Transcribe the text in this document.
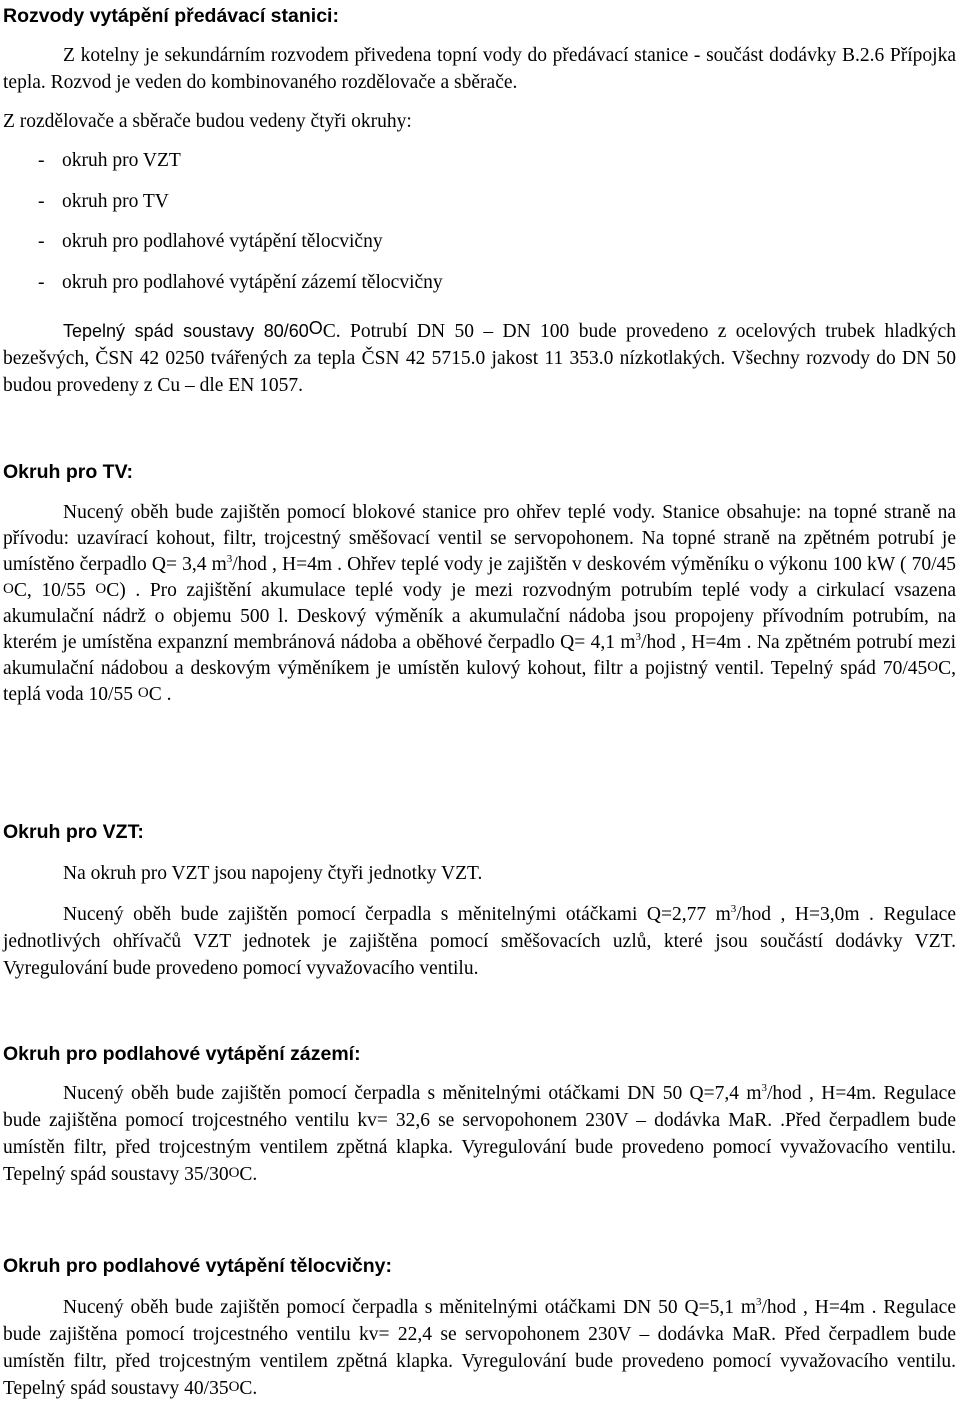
Rozvody vytápění předávací stanici:

Z kotelny je sekundárním rozvodem přivedena topní vody do předávací stanice - součást dodávky B.2.6 Přípojka tepla. Rozvod je veden do kombinovaného rozdělovače a sběrače.

Z rozdělovače a sběrače budou vedeny čtyři okruhy:

- okruh pro VZT
- okruh pro TV
- okruh pro podlahové vytápění tělocvičny
- okruh pro podlahové vytápění zázemí tělocvičny

Tepelný spád soustavy 80/60OC. Potrubí DN 50 – DN 100 bude provedeno z ocelových trubek hladkých bezešvých, ČSN 42 0250 tvářených za tepla ČSN 42 5715.0 jakost 11 353.0 nízkotlakých. Všechny rozvody do DN 50 budou provedeny z Cu – dle EN 1057.

Okruh pro TV:

Nucený oběh bude zajištěn pomocí blokové stanice pro ohřev teplé vody. Stanice obsahuje: na topné straně na přívodu: uzavírací kohout, filtr, trojcestný směšovací ventil se servopohonem. Na topné straně na zpětném potrubí je umístěno čerpadlo Q= 3,4 $m^3$/hod , H=4m . Ohřev teplé vody je zajištěn v deskovém výměníku o výkonu 100 kW ( 70/45 OC, 10/55 OC) . Pro zajištění akumulace teplé vody je mezi rozvodným potrubím teplé vody a cirkulací vsazena akumulační nádrž o objemu 500 l. Deskový výměník a akumulační nádoba jsou propojeny přívodním potrubím, na kterém je umístěna expanzní membránová nádoba a oběhové čerpadlo Q= 4,1 $m^3$/hod , H=4m . Na zpětném potrubí mezi akumulační nádobou a deskovým výměníkem je umístěn kulový kohout, filtr a pojistný ventil. Tepelný spád 70/45OC, teplá voda 10/55 OC .

Okruh pro VZT:

Na okruh pro VZT jsou napojeny čtyři jednotky VZT.

Nucený oběh bude zajištěn pomocí čerpadla s měnitelnými otáčkami Q=2,77 $m^3$/hod , H=3,0m . Regulace jednotlivých ohřívačů VZT jednotek je zajištěna pomocí směšovacích uzlů, které jsou součástí dodávky VZT. Vyregulování bude provedeno pomocí vyvažovacího ventilu.

Okruh pro podlahové vytápění zázemí:

Nucený oběh bude zajištěn pomocí čerpadla s měnitelnými otáčkami DN 50 Q=7,4 $m^3$/hod , H=4m. Regulace bude zajištěna pomocí trojcestného ventilu kv= 32,6 se servopohonem 230V – dodávka MaR. .Před čerpadlem bude umístěn filtr, před trojcestným ventilem zpětná klapka. Vyregulování bude provedeno pomocí vyvažovacího ventilu. Tepelný spád soustavy 35/30OC.

Okruh pro podlahové vytápění tělocvičny:

Nucený oběh bude zajištěn pomocí čerpadla s měnitelnými otáčkami DN 50 Q=5,1 $m^3$/hod , H=4m . Regulace bude zajištěna pomocí trojcestného ventilu kv= 22,4 se servopohonem 230V – dodávka MaR. Před čerpadlem bude umístěn filtr, před trojcestným ventilem zpětná klapka. Vyregulování bude provedeno pomocí vyvažovacího ventilu. Tepelný spád soustavy 40/35OC.
